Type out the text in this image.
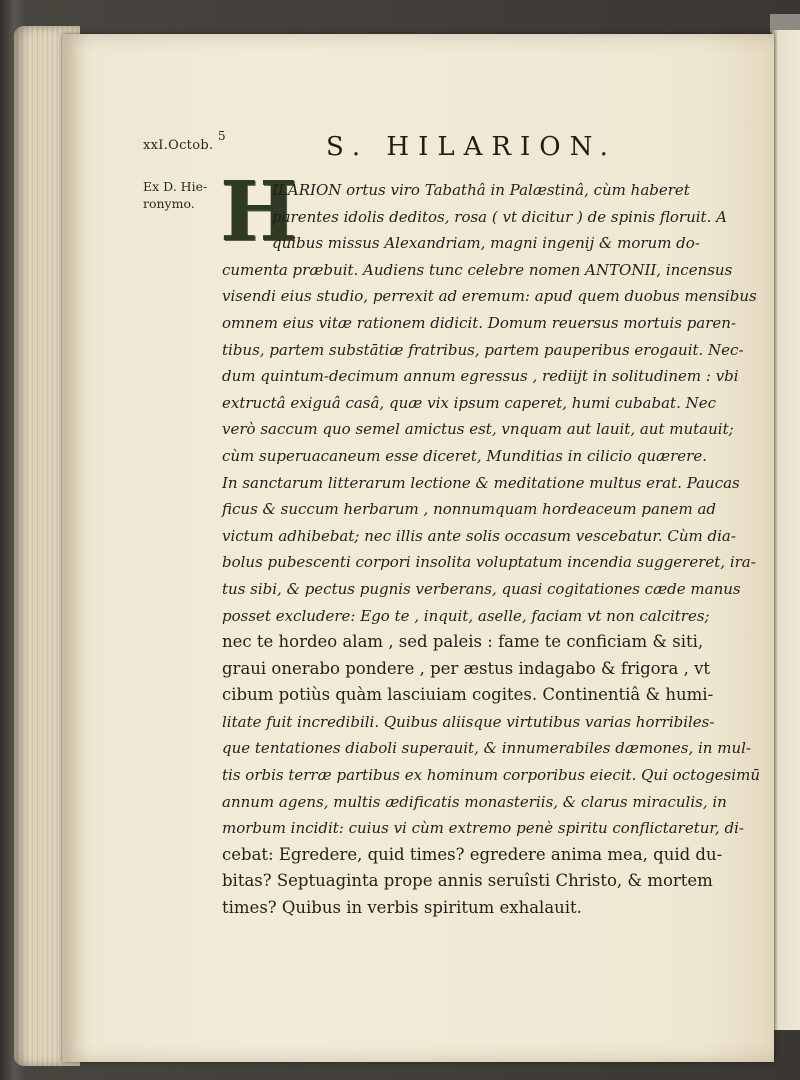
xxI.Octob.
5
Ex D. Hie-ronymo.
S. HILARION.
H
ILARION ortus viro Tabathâ in Palæstinâ, cùm haberet
parentes idolis deditos, rosa ( vt dicitur ) de spinis floruit. A
quibus missus Alexandriam, magni ingenij & morum do-
cumenta præbuit. Audiens tunc celebre nomen ANTONII, incensus
visendi eius studio, perrexit ad eremum: apud quem duobus mensibus
omnem eius vitæ rationem didicit. Domum reuersus mortuis paren-
tibus, partem substātiæ fratribus, partem pauperibus erogauit. Nec-
dum quintum-decimum annum egressus , rediijt in solitudinem : vbi
extructâ exiguâ casâ, quæ vix ipsum caperet, humi cubabat. Nec
verò saccum quo semel amictus est, vnquam aut lauit, aut mutauit;
cùm superuacaneum esse diceret, Munditias in cilicio quærere.
In sanctarum litterarum lectione & meditatione multus erat. Paucas
ficus & succum herbarum , nonnumquam hordeaceum panem ad
victum adhibebat; nec illis ante solis occasum vescebatur. Cùm dia-
bolus pubescenti corpori insolita voluptatum incendia suggereret, ira-
tus sibi, & pectus pugnis verberans, quasi cogitationes cæde manus
posset excludere: Ego te , inquit, aselle, faciam vt non calcitres;
nec te hordeo alam , sed paleis : fame te conficiam & siti,
graui onerabo pondere , per æstus indagabo & frigora , vt
cibum potiùs quàm lasciuiam cogites. Continentiâ & humi-
litate fuit incredibili. Quibus aliisque virtutibus varias horribiles-
que tentationes diaboli superauit, & innumerabiles dæmones, in mul-
tis orbis terræ partibus ex hominum corporibus eiecit. Qui octogesimū
annum agens, multis ædificatis monasteriis, & clarus miraculis, in
morbum incidit: cuius vi cùm extremo penè spiritu conflictaretur, di-
cebat: Egredere, quid times? egredere anima mea, quid du-
bitas? Septuaginta prope annis seruîsti Christo, & mortem
times? Quibus in verbis spiritum exhalauit.
